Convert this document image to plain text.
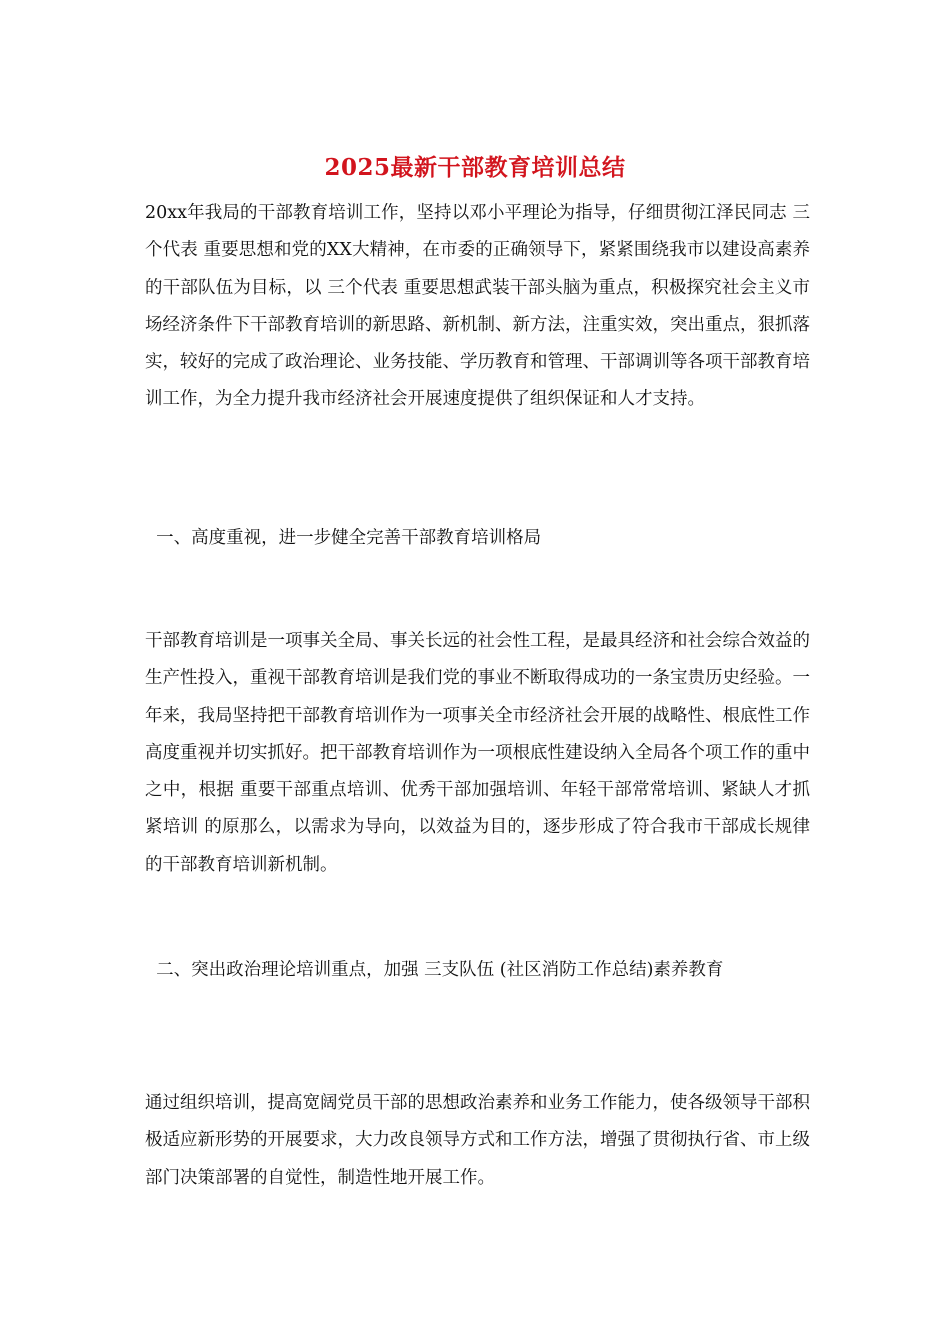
2025最新干部教育培训总结

20xx年我局的干部教育培训工作，坚持以邓小平理论为指导，仔细贯彻江泽民同志 三个代表 重要思想和党的XX大精神，在市委的正确领导下，紧紧围绕我市以建设高素养的干部队伍为目标，以 三个代表 重要思想武装干部头脑为重点，积极探究社会主义市场经济条件下干部教育培训的新思路、新机制、新方法，注重实效，突出重点，狠抓落实，较好的完成了政治理论、业务技能、学历教育和管理、干部调训等各项干部教育培训工作，为全力提升我市经济社会开展速度提供了组织保证和人才支持。

一、高度重视，进一步健全完善干部教育培训格局

干部教育培训是一项事关全局、事关长远的社会性工程，是最具经济和社会综合效益的生产性投入，重视干部教育培训是我们党的事业不断取得成功的一条宝贵历史经验。一年来，我局坚持把干部教育培训作为一项事关全市经济社会开展的战略性、根底性工作高度重视并切实抓好。把干部教育培训作为一项根底性建设纳入全局各个项工作的重中之中，根据 重要干部重点培训、优秀干部加强培训、年轻干部常常培训、紧缺人才抓紧培训 的原那么，以需求为导向，以效益为目的，逐步形成了符合我市干部成长规律的干部教育培训新机制。

二、突出政治理论培训重点，加强 三支队伍 (社区消防工作总结)素养教育

通过组织培训，提高宽阔党员干部的思想政治素养和业务工作能力，使各级领导干部积极适应新形势的开展要求，大力改良领导方式和工作方法，增强了贯彻执行省、市上级部门决策部署的自觉性，制造性地开展工作。
